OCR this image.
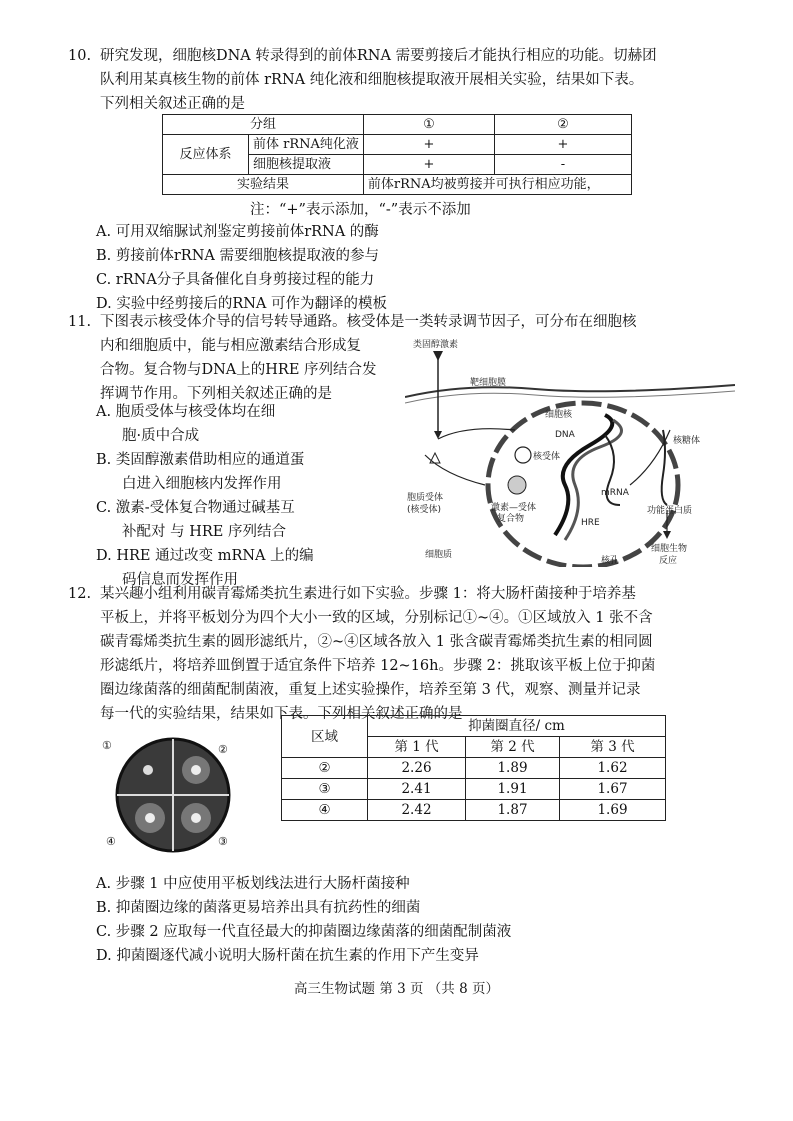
10. 研究发现，细胞核DNA 转录得到的前体RNA 需要剪接后才能执行相应的功能。切赫团
队利用某真核生物的前体 rRNA 纯化液和细胞核提取液开展相关实验，结果如下表。
下列相关叙述正确的是
分组		①	②
反应体系	前体 rRNA纯化液	+	+
	细胞核提取液	+	-
实验结果		前体rRNA均被剪接并可执行相应功能，	
注：“+”表示添加，“-”表示不添加
A. 可用双缩脲试剂鉴定剪接前体rRNA 的酶
B. 剪接前体rRNA 需要细胞核提取液的参与
C. rRNA分子具备催化自身剪接过程的能力
D. 实验中经剪接后的RNA 可作为翻译的模板
11. 下图表示核受体介导的信号转导通路。核受体是一类转录调节因子，可分布在细胞核
内和细胞质中，能与相应激素结合形成复
合物。复合物与DNA上的HRE 序列结合发
挥调节作用。下列相关叙述正确的是
A. 胞质受体与核受体均在细
胞·质中合成
B. 类固醇激素借助相应的通道蛋
白进入细胞核内发挥作用
C. 激素-受体复合物通过碱基互
补配对 与 HRE 序列结合
D. HRE 通过改变 mRNA 上的编
码信息而发挥作用
类固醇激素
靶细胞膜
细胞核
DNA
核受体
核糖体
胞质受体
(核受体)	激素—受体
复合物
mRNA
HRE
功能蛋白质
细胞生物
反应
细胞质
核孔
12. 某兴趣小组利用碳青霉烯类抗生素进行如下实验。步骤 1：将大肠杆菌接种于培养基
平板上，并将平板划分为四个大小一致的区域，分别标记①~④。①区域放入 1 张不含
碳青霉烯类抗生素的圆形滤纸片，②~④区域各放入 1 张含碳青霉烯类抗生素的相同圆
形滤纸片，将培养皿倒置于适宜条件下培养 12~16h。步骤 2：挑取该平板上位于抑菌
圈边缘菌落的细菌配制菌液，重复上述实验操作，培养至第 3 代，观察、测量并记录
每一代的实验结果，结果如下表。下列相关叙述正确的是
①	②
④	③
区域	抑菌圈直径/ cm		
	第 1 代	第 2 代	第 3 代
②	2.26	1.89	1.62
③	2.41	1.91	1.67
④	2.42	1.87	1.69
A. 步骤 1 中应使用平板划线法进行大肠杆菌接种
B. 抑菌圈边缘的菌落更易培养出具有抗药性的细菌
C. 步骤 2 应取每一代直径最大的抑菌圈边缘菌落的细菌配制菌液
D. 抑菌圈逐代减小说明大肠杆菌在抗生素的作用下产生变异
高三生物试题 第 3 页 （共 8 页）
